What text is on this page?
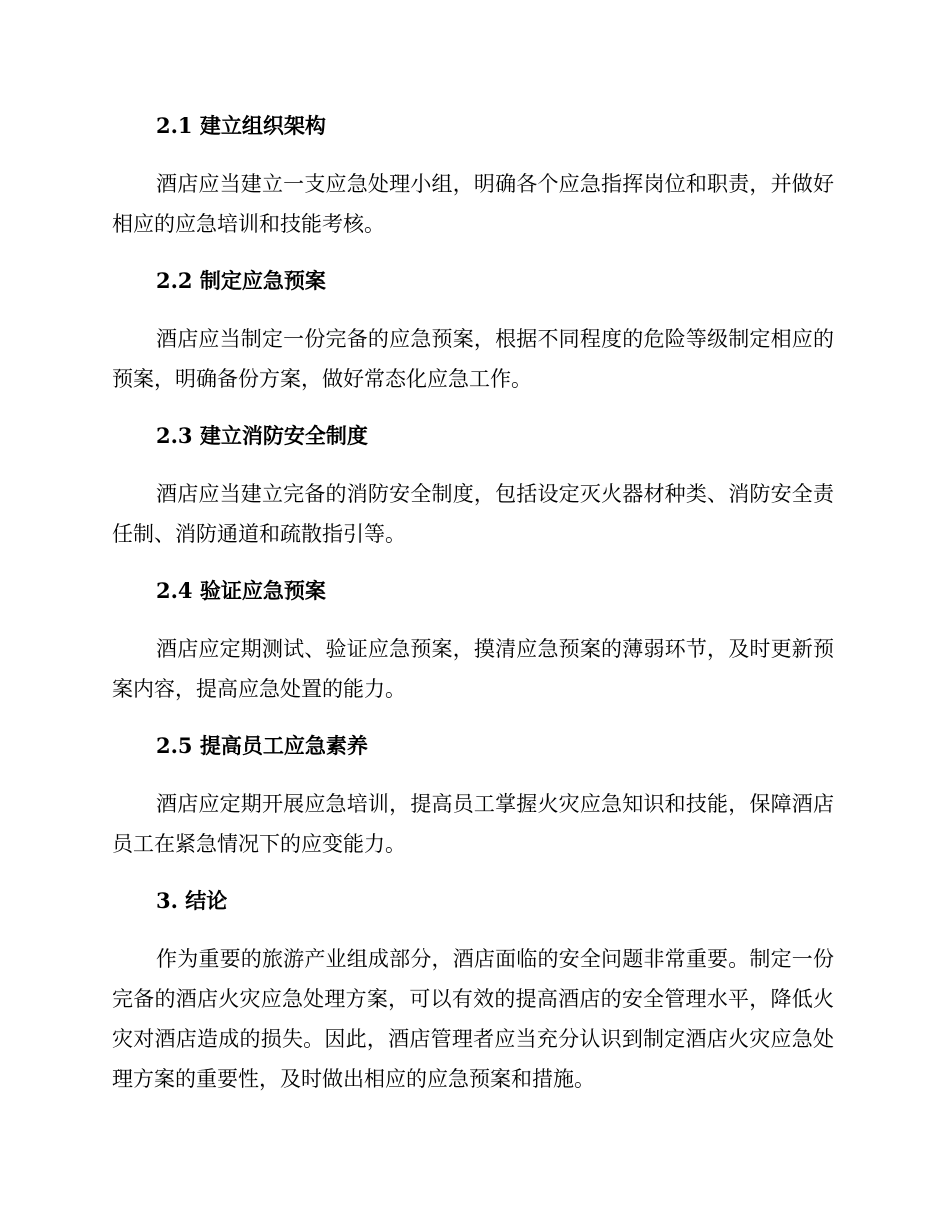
2.1 建立组织架构

酒店应当建立一支应急处理小组，明确各个应急指挥岗位和职责，并做好相应的应急培训和技能考核。

2.2 制定应急预案

酒店应当制定一份完备的应急预案，根据不同程度的危险等级制定相应的预案，明确备份方案，做好常态化应急工作。

2.3 建立消防安全制度

酒店应当建立完备的消防安全制度，包括设定灭火器材种类、消防安全责任制、消防通道和疏散指引等。

2.4 验证应急预案

酒店应定期测试、验证应急预案，摸清应急预案的薄弱环节，及时更新预案内容，提高应急处置的能力。

2.5 提高员工应急素养

酒店应定期开展应急培训，提高员工掌握火灾应急知识和技能，保障酒店员工在紧急情况下的应变能力。

3. 结论

作为重要的旅游产业组成部分，酒店面临的安全问题非常重要。制定一份完备的酒店火灾应急处理方案，可以有效的提高酒店的安全管理水平，降低火灾对酒店造成的损失。因此，酒店管理者应当充分认识到制定酒店火灾应急处理方案的重要性，及时做出相应的应急预案和措施。
